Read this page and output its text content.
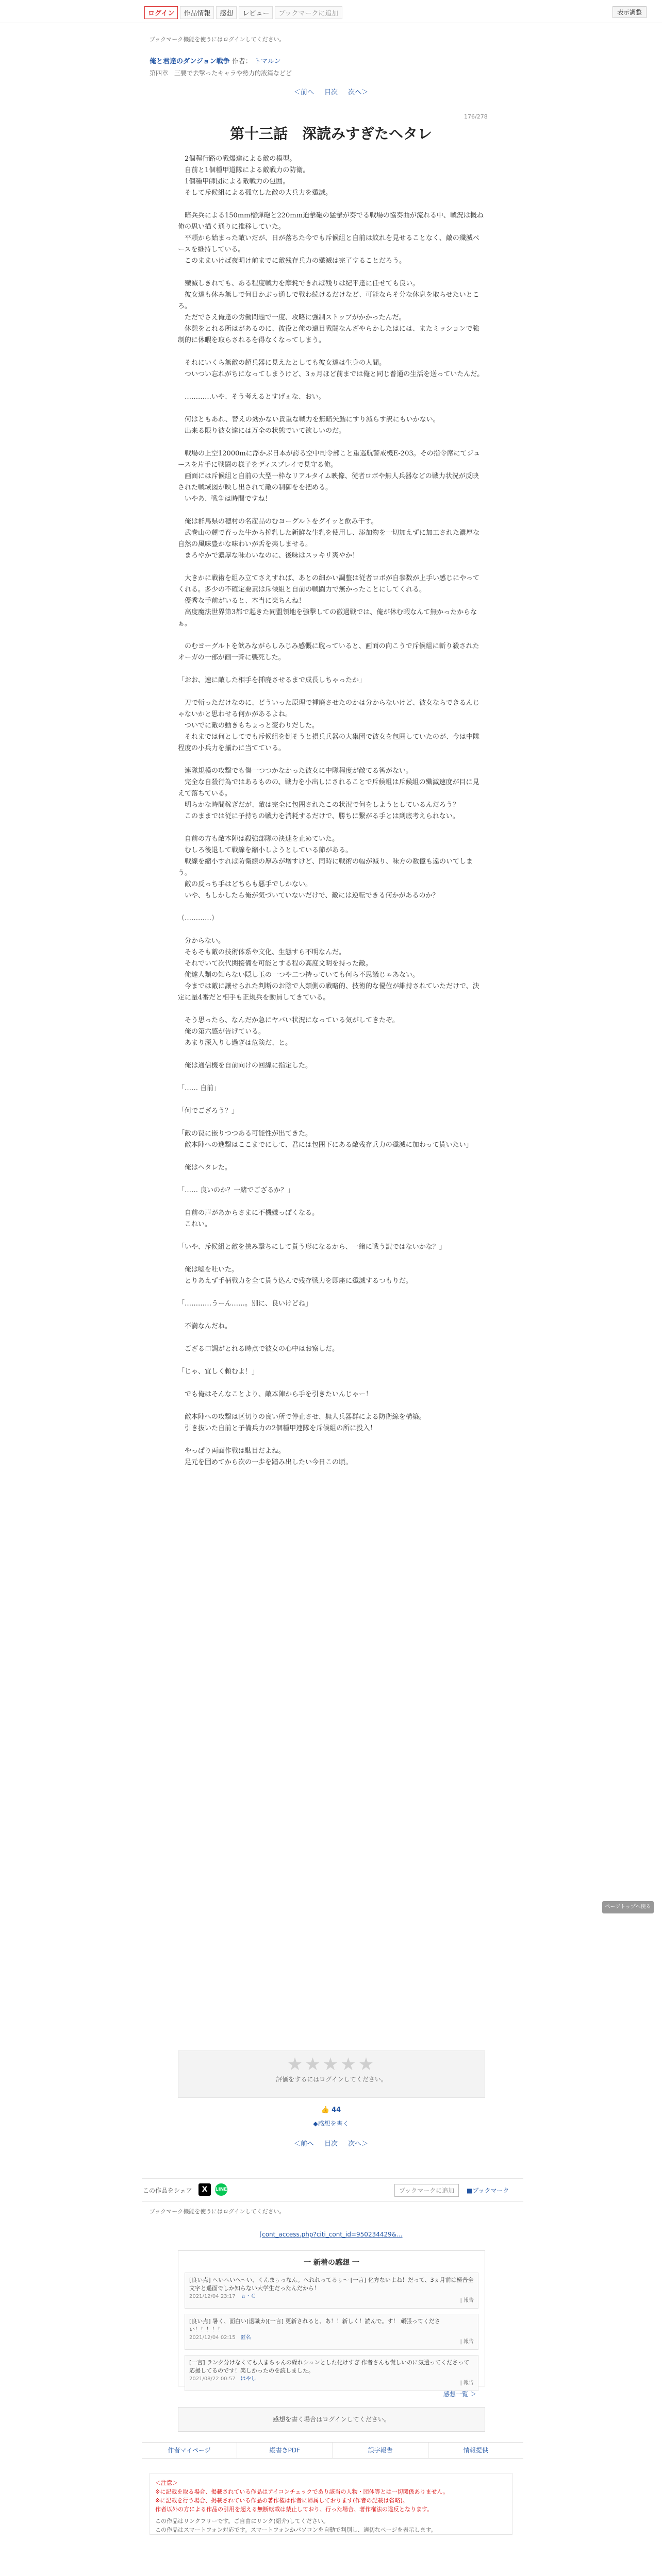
ログイン	作品情報	感想	レビュー	ブックマークに追加	表示調整
ブックマーク機能を使うにはログインしてください。
俺と君達のダンジョン戦争 作者： トマルン
第四章　三要で去撃ったキャラや勢力的液篇などど
＜前へ 目次 次へ＞
176/278
第十三話　深読みすぎたヘタレ

　2個程行路の戦爆達による敵の模型。

　自前と1個種甲道隊による敵戦力の防衛。

　1個種甲師団による敵戦力の包囲。

　そして斥候組による孤立した敵の大兵力を殲滅。

　暗兵兵による150mm榴弾砲と220mm迫撃砲の猛撃が奏でる戦場の協奏曲が流れる中、戦況は概ね俺の思い描く通りに推移していた。

　平頼から始まった敵いだが、日が落ちた今でも斥候組と自前は紋れを見せることなく、敵の殲滅ペースを維持している。

　このままいけば夜明け前までに敵残存兵力の殲滅は完了することだろう。

　殲滅しきれても、ある程度戦力を摩耗できれば残りは紀平達に任せても良い。

　彼女達も休み無しで何日かぶっ通しで戦わ続けるだけなど、可能ならそ分な休息を取らせたいところ。

　ただでさえ俺達の労働問題で一度、攻略に強制ストップがかかったんだ。

　休憩をとれる所はがあるのに、彼役と俺の遠目戦闘なんざやらかしたはには、またミッションで強制的に休暇を取らされるを得なくなってしまう。

　それにいくら無敵の超兵器に見えたとしても彼女達は生身の人間。

　ついつい忘れがちになってしまうけど、3ヵ月ほど前までは俺と同じ普通の生活を送っていたんだ。

　…………いや、そう考えるとすげぇな、おい。

　何はともあれ、替えの効かない貴重な戦力を無暗矢鱈にすり減らす訳にもいかない。

　出来る限り彼女達には万全の状態でいて欲しいのだ。

　戦場の上空12000mに浮かぶ日本が誇る空中司令部こと重巡航警戒機E-203。その指令席にてジュースを片手に戦闘の様子をディスプレイで見守る俺。

　画面には斥候組と自前の大型一枠なリアルタイム映像、従者ロボや無人兵器などの戦力状況が反映された戦域図が映し出されて敵の制御をを把める。

　いやあ、戦争は時間ですね！

　俺は群馬県の穂村の名産品のむヨーグルトをグイッと飲み干す。

　武巻山の麓で育った牛から搾乳した新鮮な生乳を使用し、添加物を一切加えずに加工された濃厚な自然の風味豊かな味わいが舌を楽しませる。

　まろやかで濃厚な味わいなのに、後味はスッキリ爽やか！

　大きかに戦術を組み立てさえすれば、あとの細かい調整は従者ロボが自参数が上手い感じにやってくれる。多少の不確定要素は斥候組と自前の戦闘力で無かったことにしてくれる。

　優秀な手前がいると、本当に楽ちんね！

　高度魔法世界第3都で起きた同盟領地を強撃しての徹過戦では、俺が休む暇なんて無かったからなぁ。

　のむヨーグルトを飲みながらしみじみ感慨に耽っていると、画面の向こうで斥候組に斬り殺されたオーガの一部が画一斉に襲死した。

「おお、速に敵した相手を挿廃させるまで成長しちゃったか」

　刀で斬っただけなのに、どういった原理で挿廃させたのかは分からないけど、彼女ならできるんじゃないかと思わせる何かがあるよね。

　ついでに敵の動きもちょっと変わりだした。

　それまでは何としてでも斥候組を倒そうと損兵兵器の大集団で彼女を包囲していたのが、今は中隊程度の小兵力を揃わに当てている。

　連隊規模の攻撃でも傷一つつかなかった彼女に中隊程度が敵てる筈がない。

　完全な自殺行為ではあるものの、戦力を小出しにされることで斥候組は斥候組の殲滅速度が目に見えて落ちている。

　明らかな時間稼ぎだが、敵は完全に包囲されたこの状況で何をしようとしているんだろう？

　このままでは従に予持ちの戦力を消耗するだけで、勝ちに繋がる手とは到底考えられない。

　自前の方も敵本陣は殺強部隊の決速を止めていた。

　むしろ後退して戦線を縮小しようとしている節がある。

　戦線を縮小すれば防衛線の厚みが増すけど、同時に戦術の幅が減り、味方の数億も遠のいてしまう。

　敵の反っち手はどちらも悪手でしかない。

　いや、もしかしたら俺が気づいていないだけで、敵には逆転できる何かがあるのか？

（…………）

　分からない。

　そもそも敵の技術体系や文化、生態すら不明なんだ。

　それでいて次代関接備を可能とする程の高度文明を持った敵。

　俺達人類の知らない隠し玉の一つや二つ持っていても何ら不思議じゃあない。

　今までは敵に讓せられた判断のお陰で人類側の戦略的、技術的な優位が維持されていただけで、決定に量4番だと相手も正規兵を動員してきている。

　そう思ったら、なんだか急にヤバい状況になっている気がしてきたぞ。

　俺の第六感が告げている。

　あまり深入りし過ぎは危険だ、と。

　俺は通信機を自前向けの回線に指定した。

「…… 自前」

「何でござろう？」

「敵の罠に嵌りつつある可能性が出てきた。

　敵本陣への進撃はここまでにして、君には包囲下にある敵残存兵力の殲滅に加わって貰いたい」

　俺はヘタレた。

「…… 良いのか？一緒でござるか？」

　自前の声があからさまに不機嫌っぽくなる。

　これい。

「いや、斥候組と敵を挟み撃ちにして貰う形になるから、一緒に戦う訳ではないかな？」

　俺は嘘を吐いた。

　とりあえず手柄戦力を全て貰う込んで残存戦力を即座に殲滅するつもりだ。

「…………うーん……。別に、良いけどね」

　不満なんだね。

　ござる口調がとれる時点で彼女の心中はお察しだ。

「じゃ、宜しく頼むよ！」

　でも俺はそんなことより、敵本陣から手を引きたいんじゃー！

　敵本陣への攻撃は区切りの良い所で停止させ、無人兵器群による防衛線を構築。

　引き抜いた自前と予備兵力の2個種甲連隊を斥候組の所に投入！

　やっぱり両面作戦は駄目だよね。

　足元を固めてから次の一歩を踏み出したい今日この頃。

★★★★★
評価をするにはログインしてください。
👍 44
◆感想を書く
＜前へ 目次 次へ＞
この作品をシェア	X	LINE	ブックマークに追加	■ブックマーク
ブックマーク機能を使うにはログインしてください。
[cont_access.php?citi_cont_id=950234429&...
一 新着の感想 一
[良い点] へいへいへ〜い、くんまぅっなん。へれれってるぅ〜 [一言] 化方ないよね！だって、3ヵ月前は極普全文字と遥面でしか知らない大学生だったんだから！
2021/12/04 23:17　 ａ・Ｃ
| 報告
[良い点] 暑く、面白い(退職カ)[一言] 更新されると、あ！！新しく！読んで。す！ 頑張ってください！！！！！
2021/12/04 02:15　 匿名
| 報告
[一言] ランク分けなくても人まちゃんの繰れシュンとした化けすぎ 作者さんも慌しいのに気遣ってくださって応援してるのです！楽しかったのを読しました。
2021/08/22 00:57　 はやし
| 報告
感想一覧 ＞
感想を書く場合はログインしてください。
作者マイページ	縦書きPDF	誤字報告	情報提供
＜注意＞
※に記載を取る場合、掲載されている作品はアイコンチェックであり該当の人物・団体等とは一切関係ありません。
※に記載を行う場合、掲載されている作品の著作権は作者に帰属しております(作者の記載は省略)。
作者以外の方による作品の引用を超える無断転載は禁止しており、行った場合、著作権法の違反となります。
この作品はリンクフリーです。ご自由にリンク(紹介)してください。
この作品はスマートフォン対応です。スマートフォンかパソコンを自動で判別し、適切なページを表示します。
ページトップへ戻る
